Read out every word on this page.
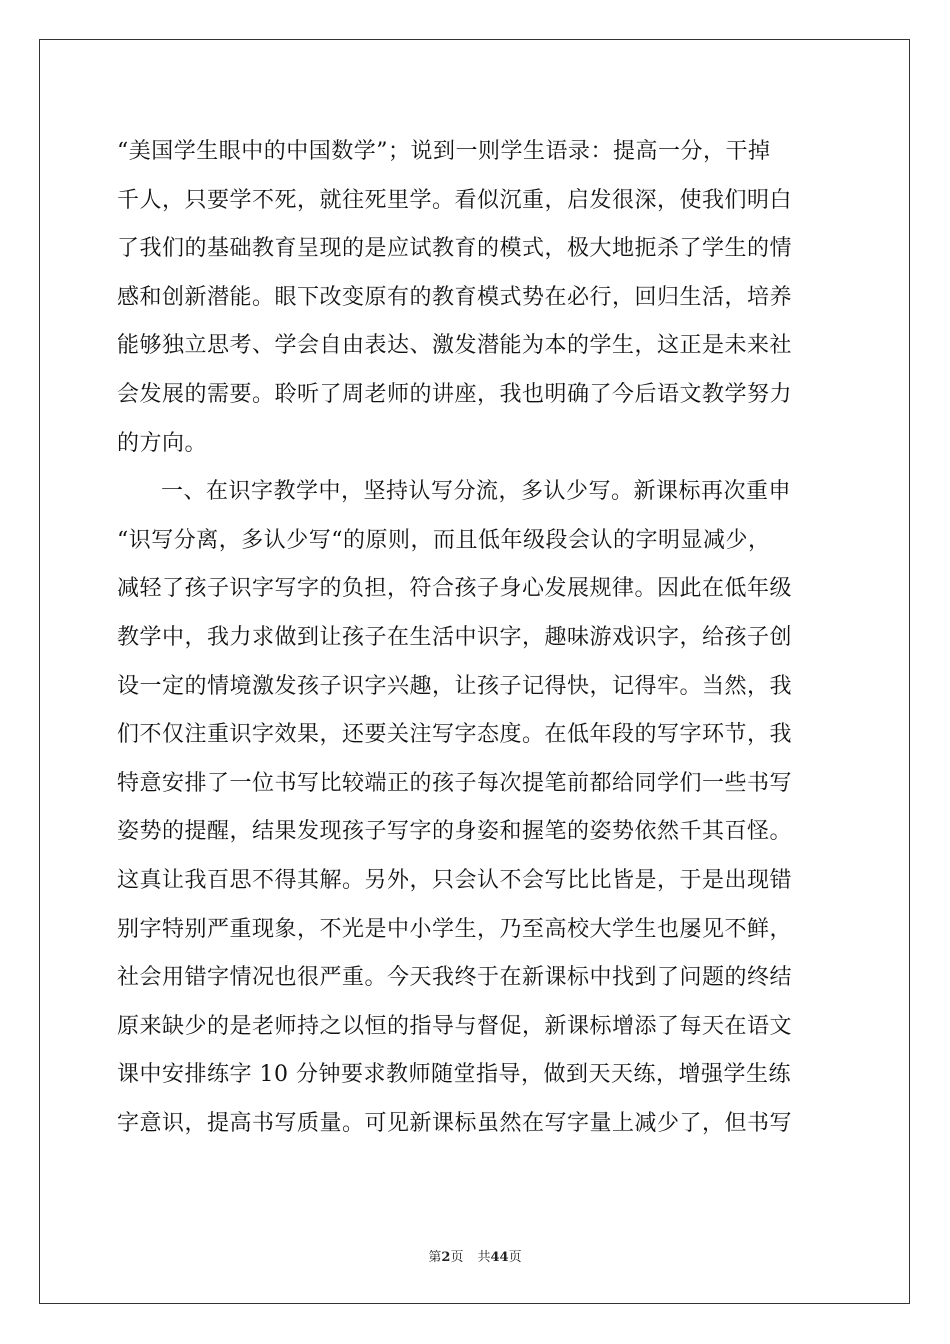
“美国学生眼中的中国数学”；说到一则学生语录：提高一分，干掉
千人，只要学不死，就往死里学。看似沉重，启发很深，使我们明白
了我们的基础教育呈现的是应试教育的模式，极大地扼杀了学生的情
感和创新潜能。眼下改变原有的教育模式势在必行，回归生活，培养
能够独立思考、学会自由表达、激发潜能为本的学生，这正是未来社
会发展的需要。聆听了周老师的讲座，我也明确了今后语文教学努力
的方向。
一、在识字教学中，坚持认写分流，多认少写。新课标再次重申
“识写分离，多认少写“的原则，而且低年级段会认的字明显减少，
减轻了孩子识字写字的负担，符合孩子身心发展规律。因此在低年级
教学中，我力求做到让孩子在生活中识字，趣味游戏识字，给孩子创
设一定的情境激发孩子识字兴趣，让孩子记得快，记得牢。当然，我
们不仅注重识字效果，还要关注写字态度。在低年段的写字环节，我
特意安排了一位书写比较端正的孩子每次提笔前都给同学们一些书写
姿势的提醒，结果发现孩子写字的身姿和握笔的姿势依然千其百怪。
这真让我百思不得其解。另外，只会认不会写比比皆是，于是出现错
别字特别严重现象，不光是中小学生，乃至高校大学生也屡见不鲜，
社会用错字情况也很严重。今天我终于在新课标中找到了问题的终结
原来缺少的是老师持之以恒的指导与督促，新课标增添了每天在语文
课中安排练字 10 分钟要求教师随堂指导，做到天天练，增强学生练
字意识，提高书写质量。可见新课标虽然在写字量上减少了，但书写
第2页 共44页
